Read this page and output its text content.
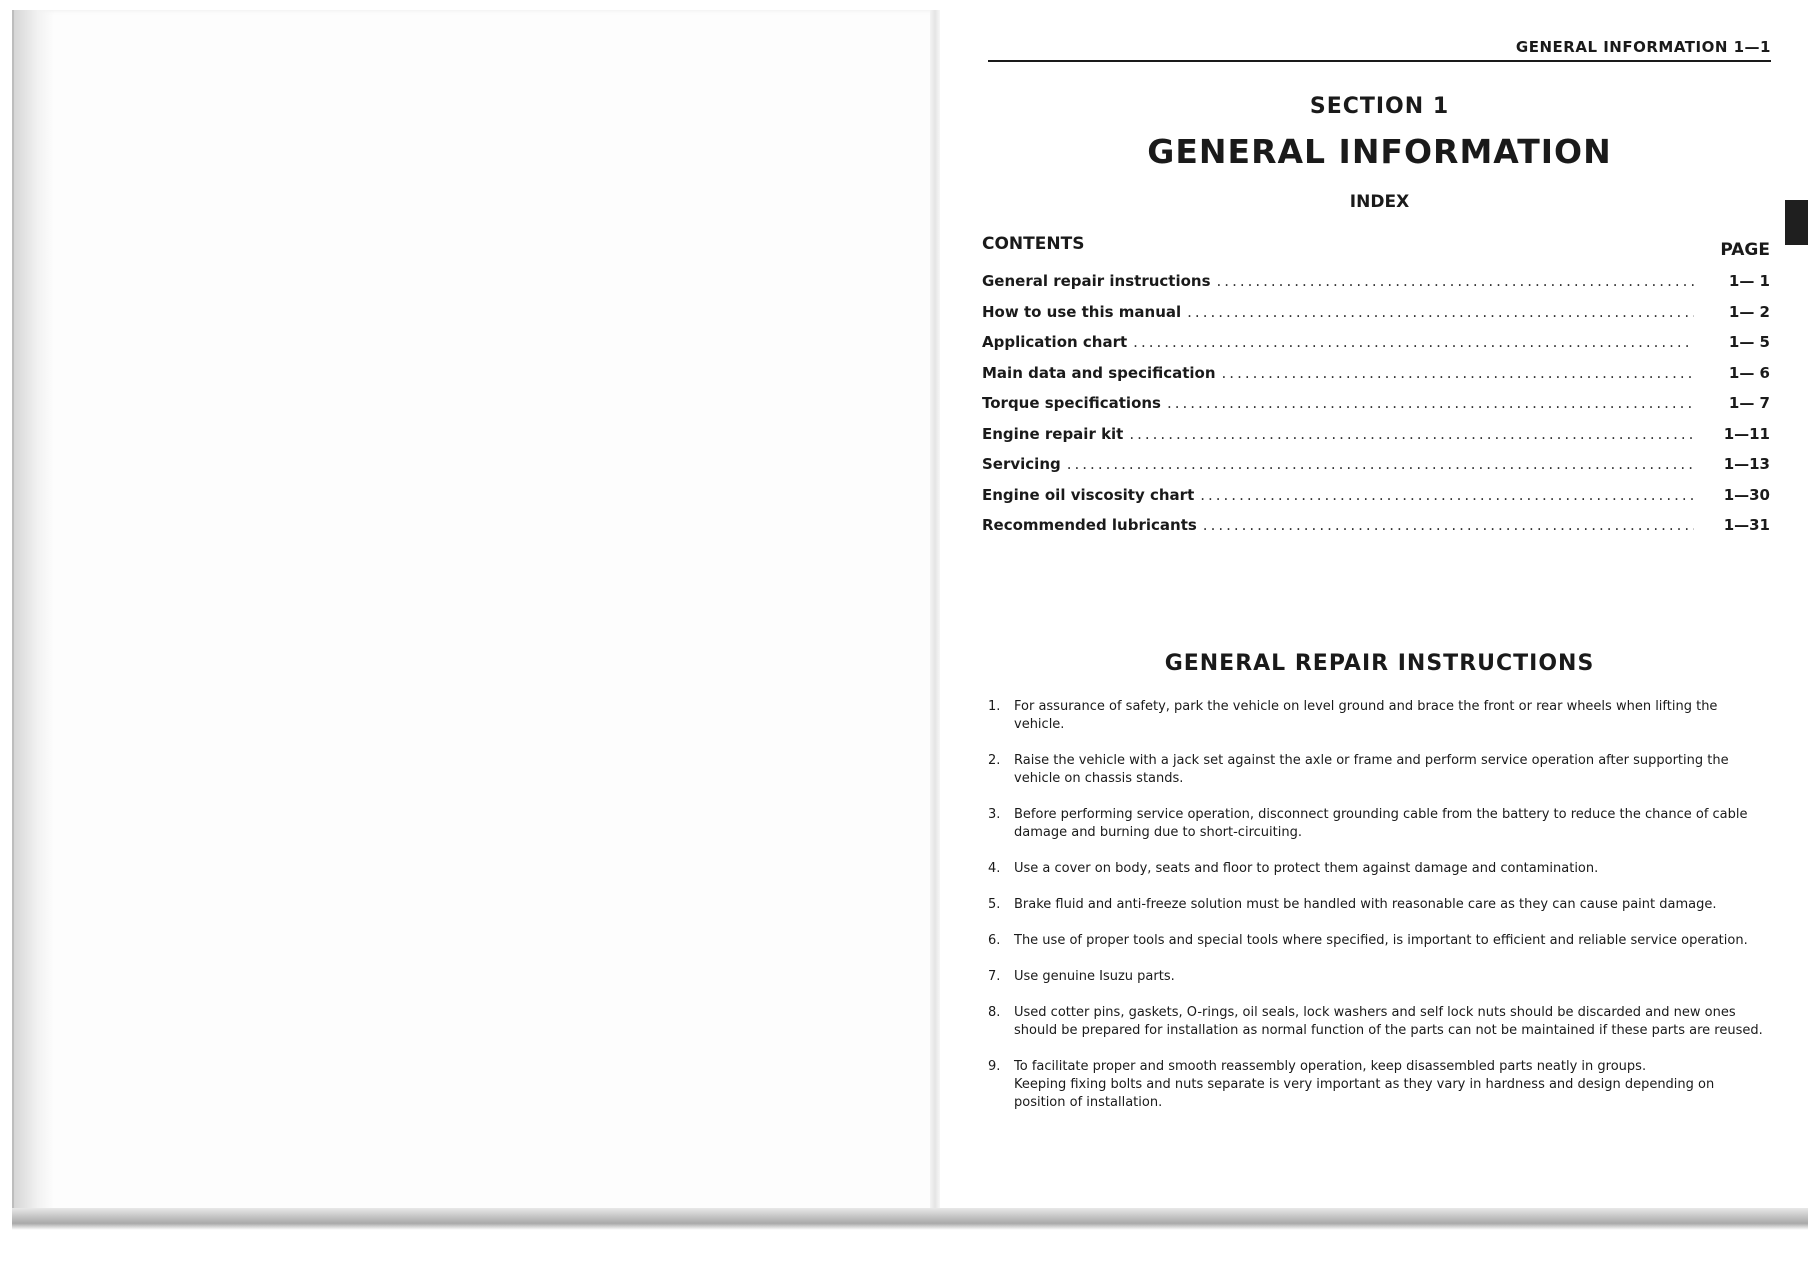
GENERAL INFORMATION 1—1
SECTION 1
GENERAL INFORMATION
INDEX
CONTENTS	PAGE
General repair instructions .....	1— 1
How to use this manual .....	1— 2
Application chart .....	1— 5
Main data and specification .....	1— 6
Torque specifications .....	1— 7
Engine repair kit .....	1—11
Servicing .....	1—13
Engine oil viscosity chart .....	1—30
Recommended lubricants .....	1—31
GENERAL REPAIR INSTRUCTIONS
1.	For assurance of safety, park the vehicle on level ground and brace the front or rear wheels when lifting the vehicle.
2.	Raise the vehicle with a jack set against the axle or frame and perform service operation after supporting the vehicle on chassis stands.
3.	Before performing service operation, disconnect grounding cable from the battery to reduce the chance of cable damage and burning due to short-circuiting.
4.	Use a cover on body, seats and floor to protect them against damage and contamination.
5.	Brake fluid and anti-freeze solution must be handled with reasonable care as they can cause paint damage.
6.	The use of proper tools and special tools where specified, is important to efficient and reliable service operation.
7.	Use genuine Isuzu parts.
8.	Used cotter pins, gaskets, O-rings, oil seals, lock washers and self lock nuts should be discarded and new ones should be prepared for installation as normal function of the parts can not be maintained if these parts are reused.
9.	To facilitate proper and smooth reassembly operation, keep disassembled parts neatly in groups.
Keeping fixing bolts and nuts separate is very important as they vary in hardness and design depending on position of installation.
